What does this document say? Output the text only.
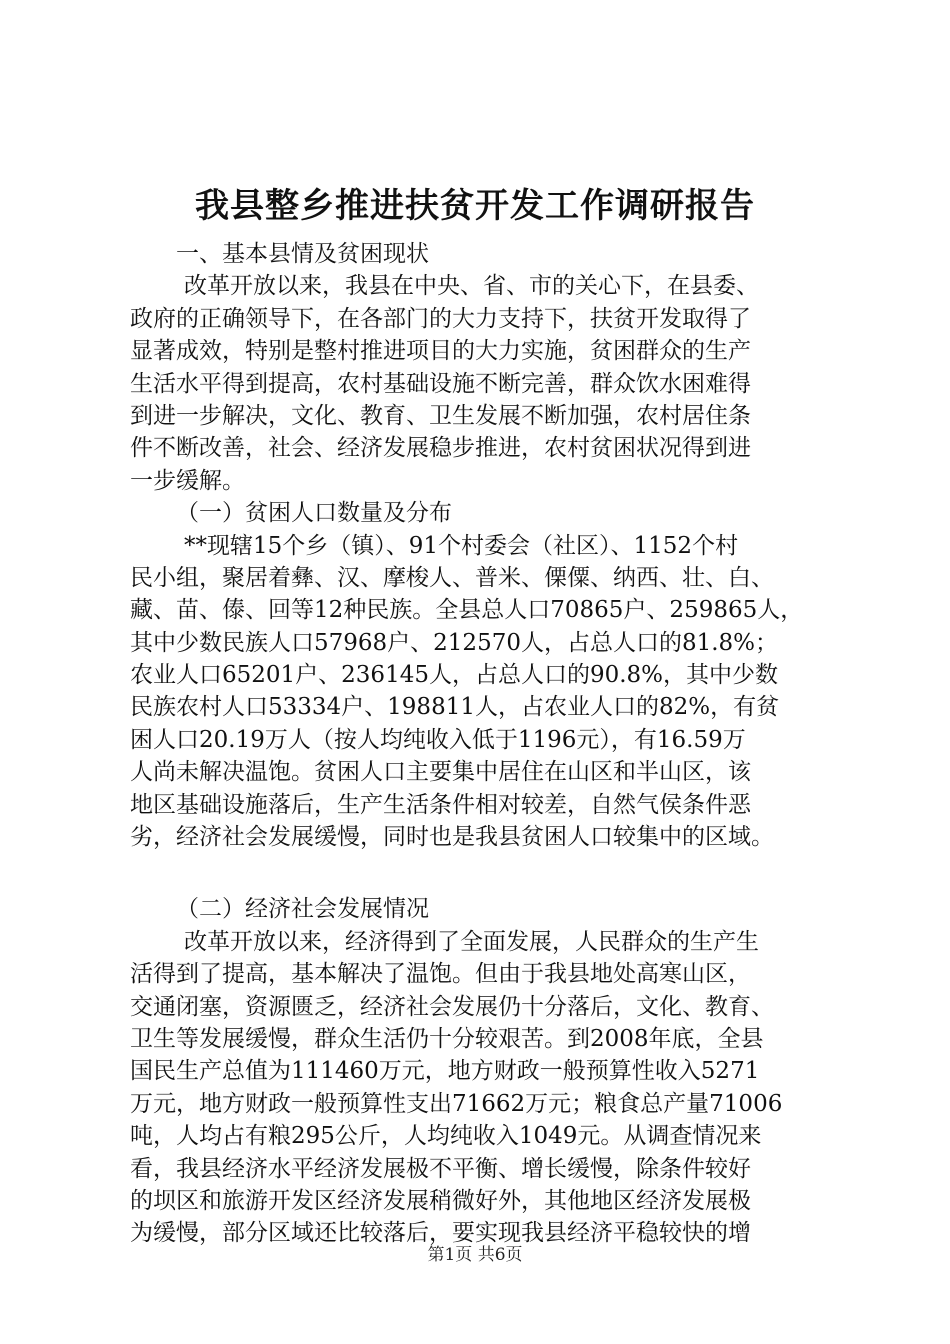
我县整乡推进扶贫开发工作调研报告
一、基本县情及贫困现状
改革开放以来，我县在中央、省、市的关心下，在县委、
政府的正确领导下，在各部门的大力支持下，扶贫开发取得了
显著成效，特别是整村推进项目的大力实施，贫困群众的生产
生活水平得到提高，农村基础设施不断完善，群众饮水困难得
到进一步解决，文化、教育、卫生发展不断加强，农村居住条
件不断改善，社会、经济发展稳步推进，农村贫困状况得到进
一步缓解。
（一）贫困人口数量及分布
**现辖15个乡（镇）、91个村委会（社区）、1152个村
民小组，聚居着彝、汉、摩梭人、普米、傈僳、纳西、壮、白、
藏、苗、傣、回等12种民族。全县总人口70865户、259865人，
其中少数民族人口57968户、212570人，占总人口的81.8%；
农业人口65201户、236145人，占总人口的90.8%，其中少数
民族农村人口53334户、198811人，占农业人口的82%，有贫
困人口20.19万人（按人均纯收入低于1196元），有16.59万
人尚未解决温饱。贫困人口主要集中居住在山区和半山区，该
地区基础设施落后，生产生活条件相对较差，自然气侯条件恶
劣，经济社会发展缓慢，同时也是我县贫困人口较集中的区域。
（二）经济社会发展情况
改革开放以来，经济得到了全面发展，人民群众的生产生
活得到了提高，基本解决了温饱。但由于我县地处高寒山区，
交通闭塞，资源匮乏，经济社会发展仍十分落后，文化、教育、
卫生等发展缓慢，群众生活仍十分较艰苦。到2008年底，全县
国民生产总值为111460万元，地方财政一般预算性收入5271
万元，地方财政一般预算性支出71662万元；粮食总产量71006
吨，人均占有粮295公斤，人均纯收入1049元。从调查情况来
看，我县经济水平经济发展极不平衡、增长缓慢，除条件较好
的坝区和旅游开发区经济发展稍微好外，其他地区经济发展极
为缓慢，部分区域还比较落后，要实现我县经济平稳较快的增
第1页 共6页
